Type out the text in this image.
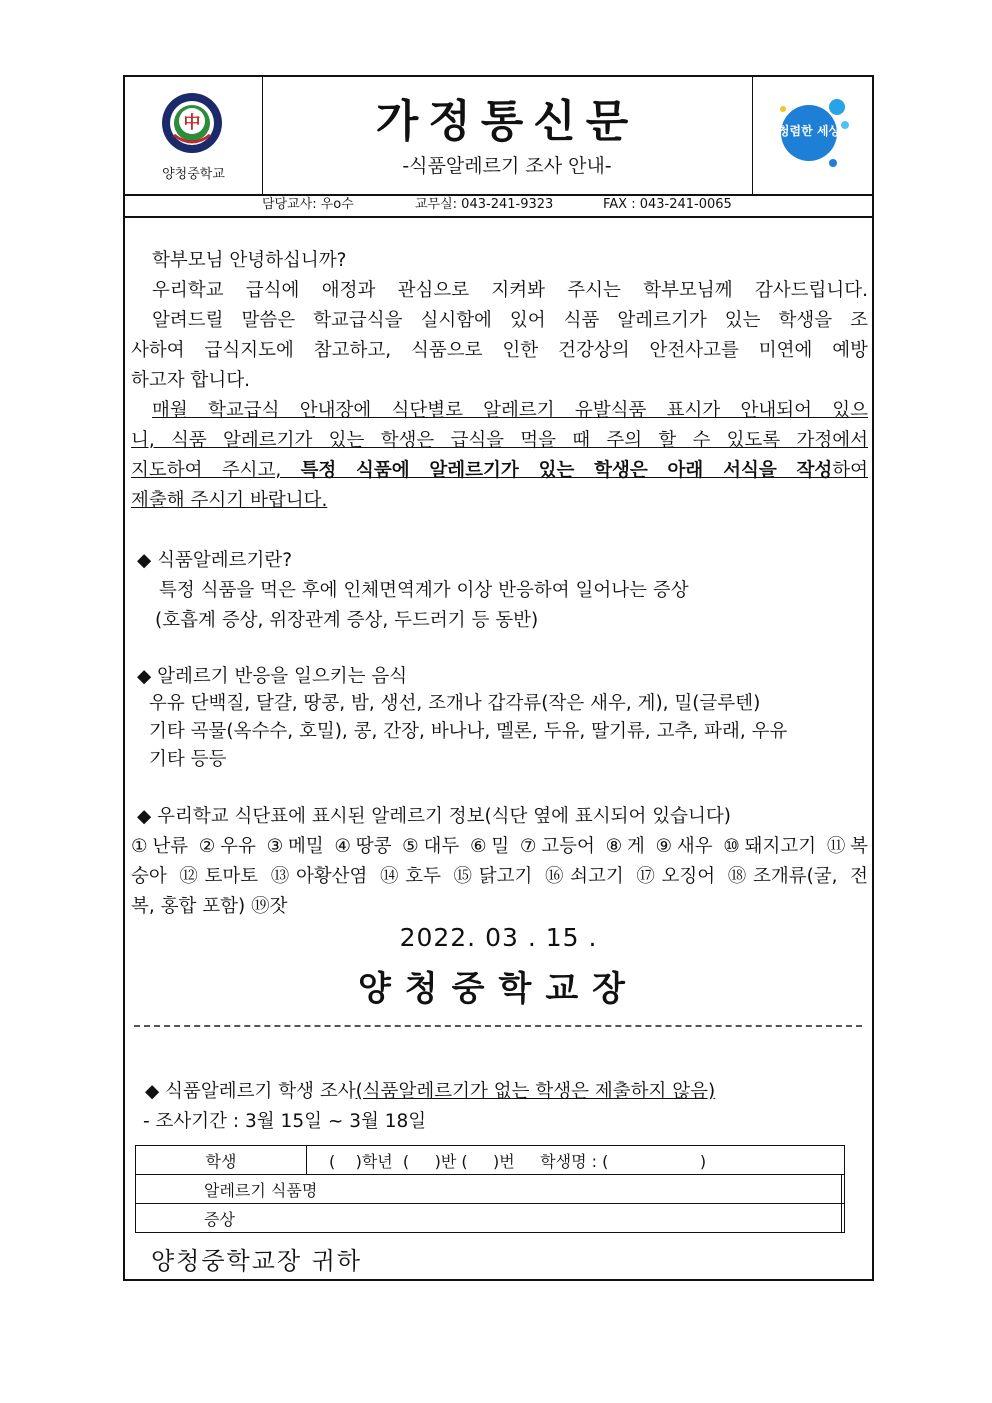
中
양청중학교
가정통신문
-식품알레르기 조사 안내-
청렴한 세상
담당교사: 우o수	교무실: 043-241-9323	FAX : 043-241-0065
학부모님 안녕하십니까?
우리학교 급식에 애정과 관심으로 지켜봐 주시는 학부모님께 감사드립니다.
알려드릴 말씀은 학교급식을 실시함에 있어 식품 알레르기가 있는 학생을 조
사하여 급식지도에 참고하고, 식품으로 인한 건강상의 안전사고를 미연에 예방
하고자 합니다.
매월 학교급식 안내장에 식단별로 알레르기 유발식품 표시가 안내되어 있으
니, 식품 알레르기가 있는 학생은 급식을 먹을 때 주의 할 수 있도록 가정에서
지도하여 주시고, 특정 식품에 알레르기가 있는 학생은 아래 서식을 작성하여
제출해 주시기 바랍니다.
◆ 식품알레르기란?
특정 식품을 먹은 후에 인체면역계가 이상 반응하여 일어나는 증상
(호흡계 증상, 위장관계 증상, 두드러기 등 동반)
◆ 알레르기 반응을 일으키는 음식
우유 단백질, 달걀, 땅콩, 밤, 생선, 조개나 갑각류(작은 새우, 게), 밀(글루텐)
기타 곡물(옥수수, 호밀), 콩, 간장, 바나나, 멜론, 두유, 딸기류, 고추, 파래, 우유
기타 등등
◆ 우리학교 식단표에 표시된 알레르기 정보(식단 옆에 표시되어 있습니다)
①난류 ②우유 ③메밀 ④땅콩 ⑤대두 ⑥밀 ⑦고등어 ⑧게 ⑨새우 ⑩돼지고기 ⑪복
숭아 ⑫토마토 ⑬아황산염 ⑭호두 ⑮닭고기 ⑯쇠고기 ⑰오징어 ⑱조개류(굴, 전
복, 홍합 포함) ⑲잣
2022. 03 . 15 .
양청중학교장
◆ 식품알레르기 학생 조사(식품알레르기가 없는 학생은 제출하지 않음)
- 조사기간 : 3월 15일 ~ 3월 18일
학생	(    )학년  (     )반 (     )번     학생명 : (                  )	
알레르기 식품명		
증상		
양청중학교장 귀하
